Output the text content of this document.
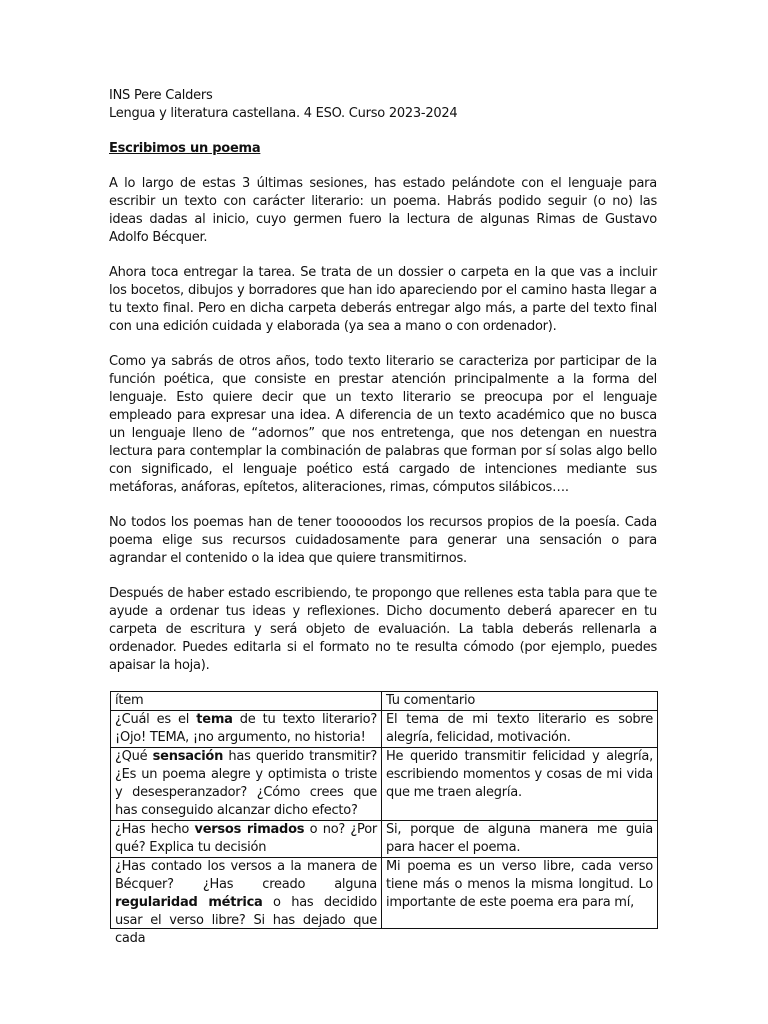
INS Pere Calders
Lengua y literatura castellana. 4 ESO. Curso 2023-2024
Escribimos un poema

A lo largo de estas 3 últimas sesiones, has estado pelándote con el lenguaje para escribir un texto con carácter literario: un poema. Habrás podido seguir (o no) las ideas dadas al inicio, cuyo germen fuero la lectura de algunas Rimas de Gustavo Adolfo Bécquer.

Ahora toca entregar la tarea. Se trata de un dossier o carpeta en la que vas a incluir los bocetos, dibujos y borradores que han ido apareciendo por el camino hasta llegar a tu texto final. Pero en dicha carpeta deberás entregar algo más, a parte del texto final con una edición cuidada y elaborada (ya sea a mano o con ordenador).

Como ya sabrás de otros años, todo texto literario se caracteriza por participar de la función poética, que consiste en prestar atención principalmente a la forma del lenguaje. Esto quiere decir que un texto literario se preocupa por el lenguaje empleado para expresar una idea. A diferencia de un texto académico que no busca un lenguaje lleno de “adornos” que nos entretenga, que nos detengan en nuestra lectura para contemplar la combinación de palabras que forman por sí solas algo bello con significado, el lenguaje poético está cargado de intenciones mediante sus metáforas, anáforas, epítetos, aliteraciones, rimas, cómputos silábicos….

No todos los poemas han de tener tooooodos los recursos propios de la poesía. Cada poema elige sus recursos cuidadosamente para generar una sensación o para agrandar el contenido o la idea que quiere transmitirnos.

Después de haber estado escribiendo, te propongo que rellenes esta tabla para que te ayude a ordenar tus ideas y reflexiones. Dicho documento deberá aparecer en tu carpeta de escritura y será objeto de evaluación. La tabla deberás rellenarla a ordenador. Puedes editarla si el formato no te resulta cómodo (por ejemplo, puedes apaisar la hoja).

ítem	Tu comentario
¿Cuál es el tema de tu texto literario? ¡Ojo! TEMA, ¡no argumento, no historia!	El tema de mi texto literario es sobre alegría, felicidad, motivación.
¿Qué sensación has querido transmitir? ¿Es un poema alegre y optimista o triste y desesperanzador? ¿Cómo crees que has conseguido alcanzar dicho efecto?	He querido transmitir felicidad y alegría, escribiendo momentos y cosas de mi vida que me traen alegría.
¿Has hecho versos rimados o no? ¿Por qué? Explica tu decisión	Si, porque de alguna manera me guia para hacer el poema.

¿Has contado los versos a la manera de Bécquer? ¿Has creado alguna regularidad métrica o has decidido usar el verso libre? Si has dejado que cada	Mi poema es un verso libre, cada verso tiene más o menos la misma longitud. Lo importante de este poema era para mí,
